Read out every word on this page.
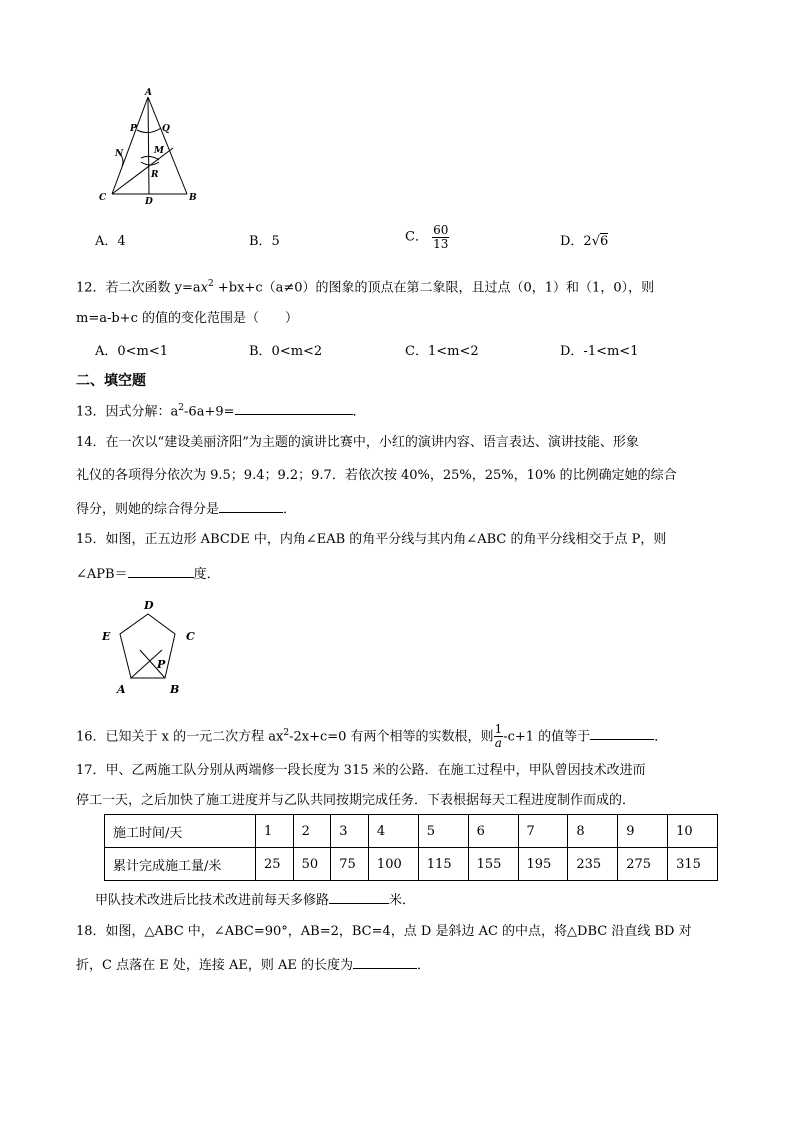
A
P	Q
N	M
R
C	D	B
A．4	B．5	C． $\frac{60}{13}$	D．2√6
12．若二次函数 $y=ax^2 +bx+c(a\ne 0)$的图象的顶点在第二象限，且过点（0，1）和（1，0），则
m=a-b+c 的值的变化范围是（　　）
A．0<m<1	B．0<m<2	C．1<m<2	D．-1<m<1
二、填空题
13．因式分解：$a^2-6a+9=$	．
14．在一次以“建设美丽济阳”为主题的演讲比赛中，小红的演讲内容、语言表达、演讲技能、形象
礼仪的各项得分依次为 9.5；9.4；9.2；9.7．若依次按 40%，25%，25%，10% 的比例确定她的综合
得分，则她的综合得分是	．
15．如图，正五边形 ABCDE 中，内角∠EAB 的角平分线与其内角∠ABC 的角平分线相交于点 P，则
∠APB＝	度．
D
E	C
P
A	B
16．已知关于 x 的一元二次方程 $ax^2-2x+c=0$ 有两个相等的实数根，则 $\frac{1}{a} -c+1$ 的值等于	．
17．甲、乙两施工队分别从两端修一段长度为 315 米的公路．在施工过程中，甲队曾因技术改进而
停工一天，之后加快了施工进度并与乙队共同按期完成任务．下表根据每天工程进度制作而成的．
施工时间/天	1	2	3	4	5	6	7	8	9	10
累计完成施工量/米	25	50	75	100	115	155	195	235	275	315
甲队技术改进后比技术改进前每天多修路	米．
18．如图，△ABC 中，∠ABC=90°，AB=2，BC=4，点 D 是斜边 AC 的中点，将△DBC 沿直线 BD 对
折，C 点落在 E 处，连接 AE，则 AE 的长度为	．
